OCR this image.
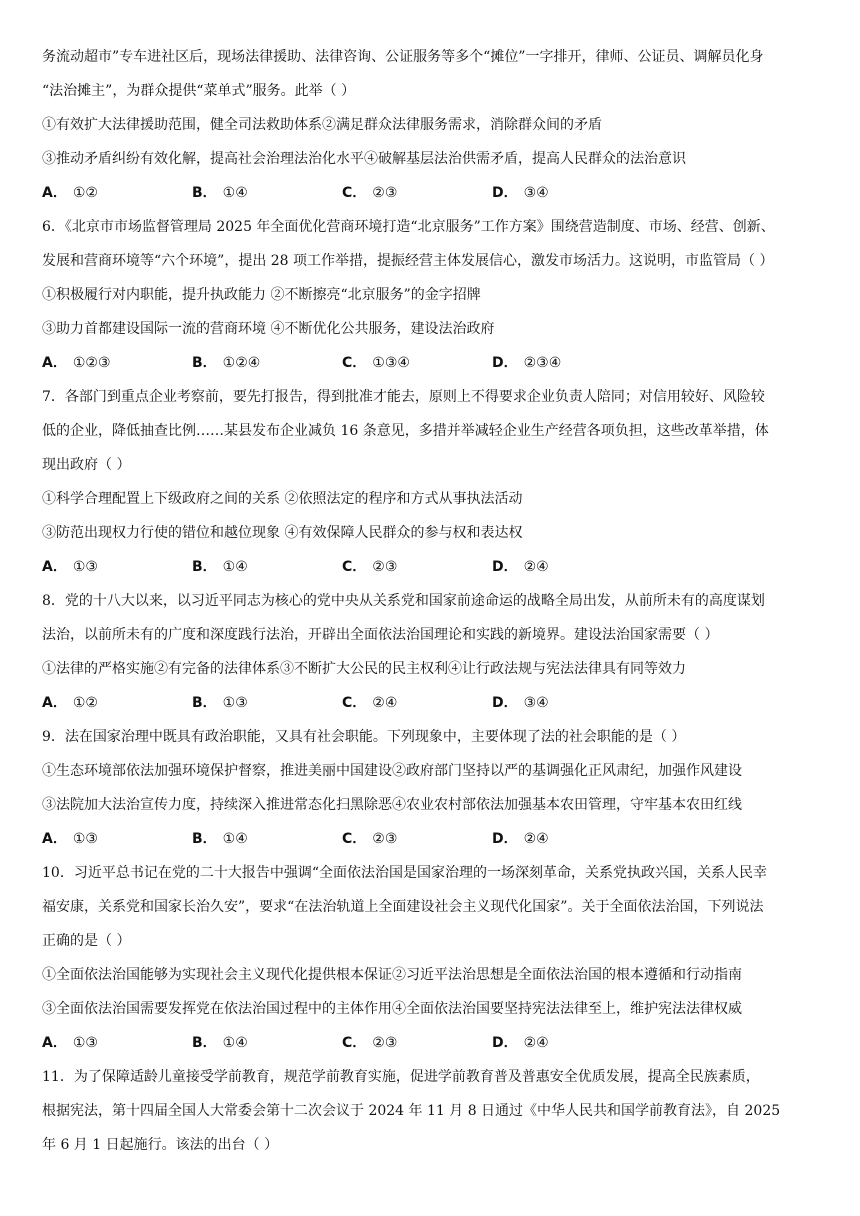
务流动超市”专车进社区后，现场法律援助、法律咨询、公证服务等多个“摊位”一字排开，律师、公证员、调解员化身
“法治摊主”，为群众提供“菜单式”服务。此举（ ）
①有效扩大法律援助范围，健全司法救助体系②满足群众法律服务需求，消除群众间的矛盾
③推动矛盾纠纷有效化解，提高社会治理法治化水平④破解基层法治供需矛盾，提高人民群众的法治意识
A． ①②	B． ①④	C． ②③	D． ③④
6．《北京市市场监督管理局 2025 年全面优化营商环境打造“北京服务”工作方案》围绕营造制度、市场、经营、创新、
发展和营商环境等“六个环境”，提出 28 项工作举措，提振经营主体发展信心，激发市场活力。这说明，市监管局（ ）
①积极履行对内职能，提升执政能力 ②不断擦亮“北京服务”的金字招牌
③助力首都建设国际一流的营商环境 ④不断优化公共服务，建设法治政府
A． ①②③	B． ①②④	C． ①③④	D． ②③④
7．各部门到重点企业考察前，要先打报告，得到批准才能去，原则上不得要求企业负责人陪同；对信用较好、风险较
低的企业，降低抽查比例……某县发布企业减负 16 条意见，多措并举减轻企业生产经营各项负担，这些改革举措，体
现出政府（ ）
①科学合理配置上下级政府之间的关系 ②依照法定的程序和方式从事执法活动
③防范出现权力行使的错位和越位现象 ④有效保障人民群众的参与权和表达权
A． ①③	B． ①④	C． ②③	D． ②④
8．党的十八大以来，以习近平同志为核心的党中央从关系党和国家前途命运的战略全局出发，从前所未有的高度谋划
法治，以前所未有的广度和深度践行法治，开辟出全面依法治国理论和实践的新境界。建设法治国家需要（ ）
①法律的严格实施②有完备的法律体系③不断扩大公民的民主权利④让行政法规与宪法法律具有同等效力
A． ①②	B． ①③	C． ②④	D． ③④
9．法在国家治理中既具有政治职能，又具有社会职能。下列现象中，主要体现了法的社会职能的是（ ）
①生态环境部依法加强环境保护督察，推进美丽中国建设②政府部门坚持以严的基调强化正风肃纪，加强作风建设
③法院加大法治宣传力度，持续深入推进常态化扫黑除恶④农业农村部依法加强基本农田管理，守牢基本农田红线
A． ①③	B． ①④	C． ②③	D． ②④
10．习近平总书记在党的二十大报告中强调“全面依法治国是国家治理的一场深刻革命，关系党执政兴国，关系人民幸
福安康，关系党和国家长治久安”，要求“在法治轨道上全面建设社会主义现代化国家”。关于全面依法治国，下列说法
正确的是（ ）
①全面依法治国能够为实现社会主义现代化提供根本保证②习近平法治思想是全面依法治国的根本遵循和行动指南
③全面依法治国需要发挥党在依法治国过程中的主体作用④全面依法治国要坚持宪法法律至上，维护宪法法律权威
A． ①③	B． ①④	C． ②③	D． ②④
11．为了保障适龄儿童接受学前教育，规范学前教育实施，促进学前教育普及普惠安全优质发展，提高全民族素质，
根据宪法，第十四届全国人大常委会第十二次会议于 2024 年 11 月 8 日通过《中华人民共和国学前教育法》，自 2025
年 6 月 1 日起施行。该法的出台（ ）
